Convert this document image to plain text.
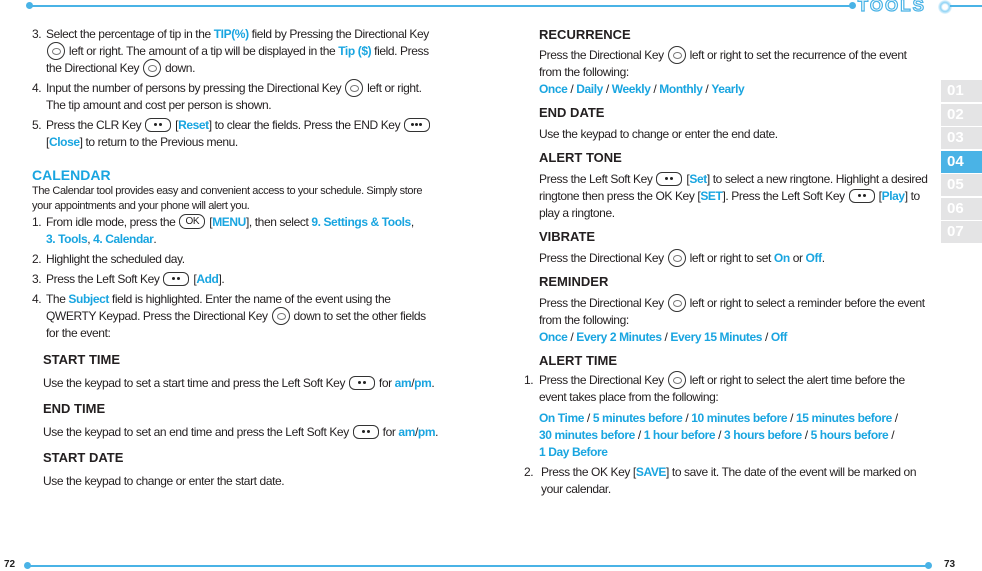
TOOLS
72	73
01
02
03
04
05
06
07
3. Select the percentage of tip in the TIP(%) field by Pressing the Directional Key

left or right. The amount of a tip will be displayed in the Tip ($) field. Press

the Directional Key  down.

4. Input the number of persons by pressing the Directional Key  left or right.

The tip amount and cost per person is shown.

5. Press the CLR Key  [Reset] to clear the fields. Press the END Key

[Close] to return to the Previous menu.

CALENDAR

The Calendar tool provides easy and convenient access to your schedule. Simply store
your appointments and your phone will alert you.

1. From idle mode, press the OK [MENU], then select 9. Settings & Tools,

3. Tools, 4. Calendar.

2. Highlight the scheduled day.

3. Press the Left Soft Key  [Add].

4. The Subject field is highlighted. Enter the name of the event using the

QWERTY Keypad. Press the Directional Key  down to set the other fields

for the event:

START TIME

Use the keypad to set a start time and press the Left Soft Key  for am/pm.

END TIME

Use the keypad to set an end time and press the Left Soft Key  for am/pm.

START DATE

Use the keypad to change or enter the start date.

RECURRENCE

Press the Directional Key  left or right to set the recurrence of the event

from the following:

Once / Daily / Weekly / Monthly / Yearly

END DATE

Use the keypad to change or enter the end date.

ALERT TONE

Press the Left Soft Key  [Set] to select a new ringtone. Highlight a desired

ringtone then press the OK Key [SET]. Press the Left Soft Key  [Play] to

play a ringtone.

VIBRATE

Press the Directional Key  left or right to set On or Off.

REMINDER

Press the Directional Key  left or right to select a reminder before the event

from the following:

Once / Every 2 Minutes / Every 15 Minutes / Off

ALERT TIME

1. Press the Directional Key  left or right to select the alert time before the

event takes place from the following:

On Time / 5 minutes before / 10 minutes before / 15 minutes before /

30 minutes before / 1 hour before / 3 hours before / 5 hours before /

1 Day Before

2. Press the OK Key [SAVE] to save it. The date of the event will be marked on

your calendar.
